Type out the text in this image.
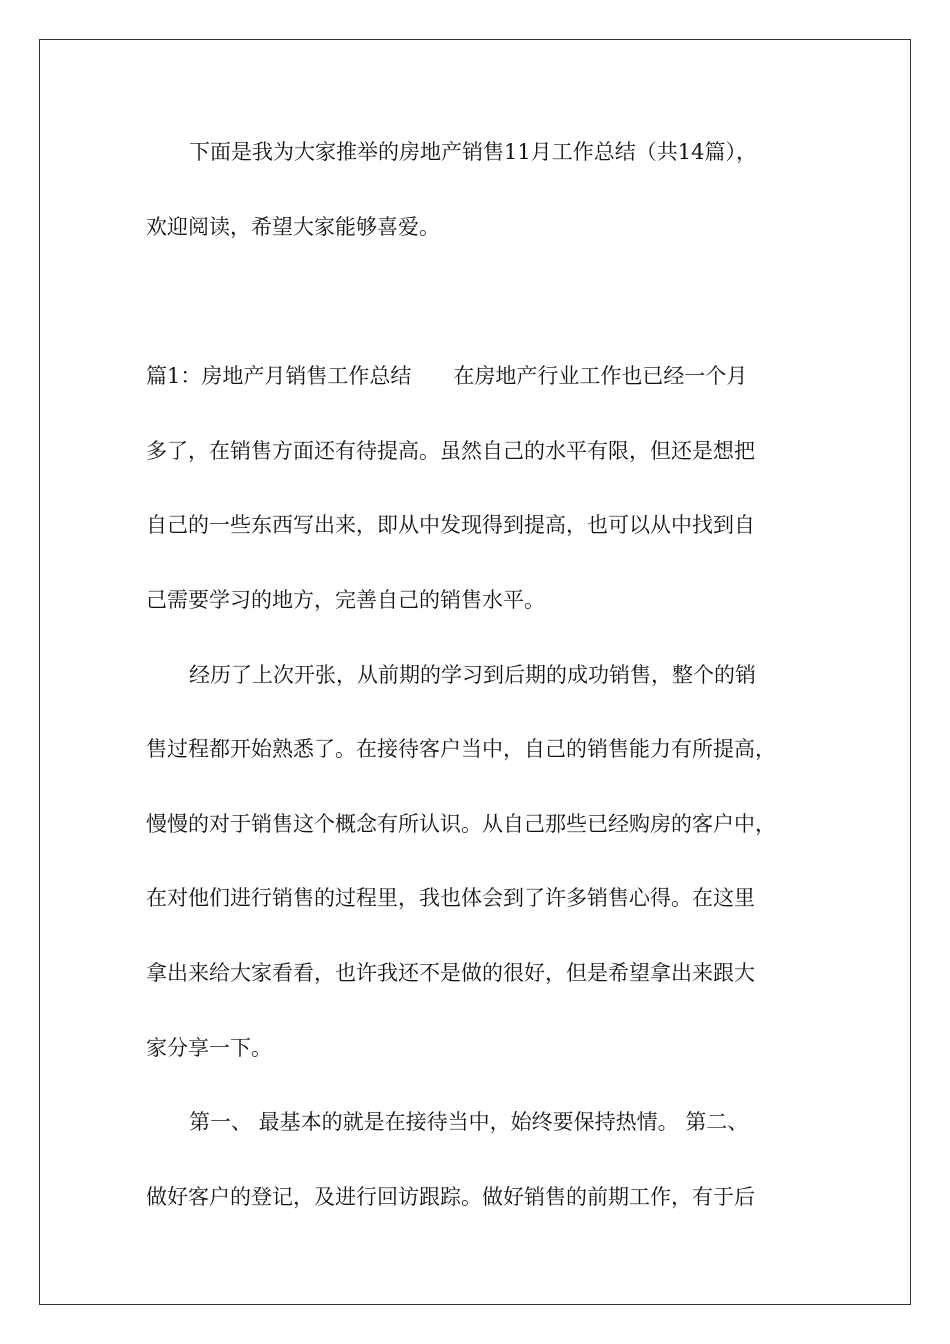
下面是我为大家推举的房地产销售11月工作总结（共14篇），
欢迎阅读，希望大家能够喜爱。
篇1：房地产月销售工作总结　　在房地产行业工作也已经一个月
多了，在销售方面还有待提高。虽然自己的水平有限，但还是想把
自己的一些东西写出来，即从中发现得到提高，也可以从中找到自
己需要学习的地方，完善自己的销售水平。
经历了上次开张，从前期的学习到后期的成功销售，整个的销
售过程都开始熟悉了。在接待客户当中，自己的销售能力有所提高，
慢慢的对于销售这个概念有所认识。从自己那些已经购房的客户中，
在对他们进行销售的过程里，我也体会到了许多销售心得。在这里
拿出来给大家看看，也许我还不是做的很好，但是希望拿出来跟大
家分享一下。
第一、 最基本的就是在接待当中，始终要保持热情。 第二、
做好客户的登记，及进行回访跟踪。做好销售的前期工作，有于后
